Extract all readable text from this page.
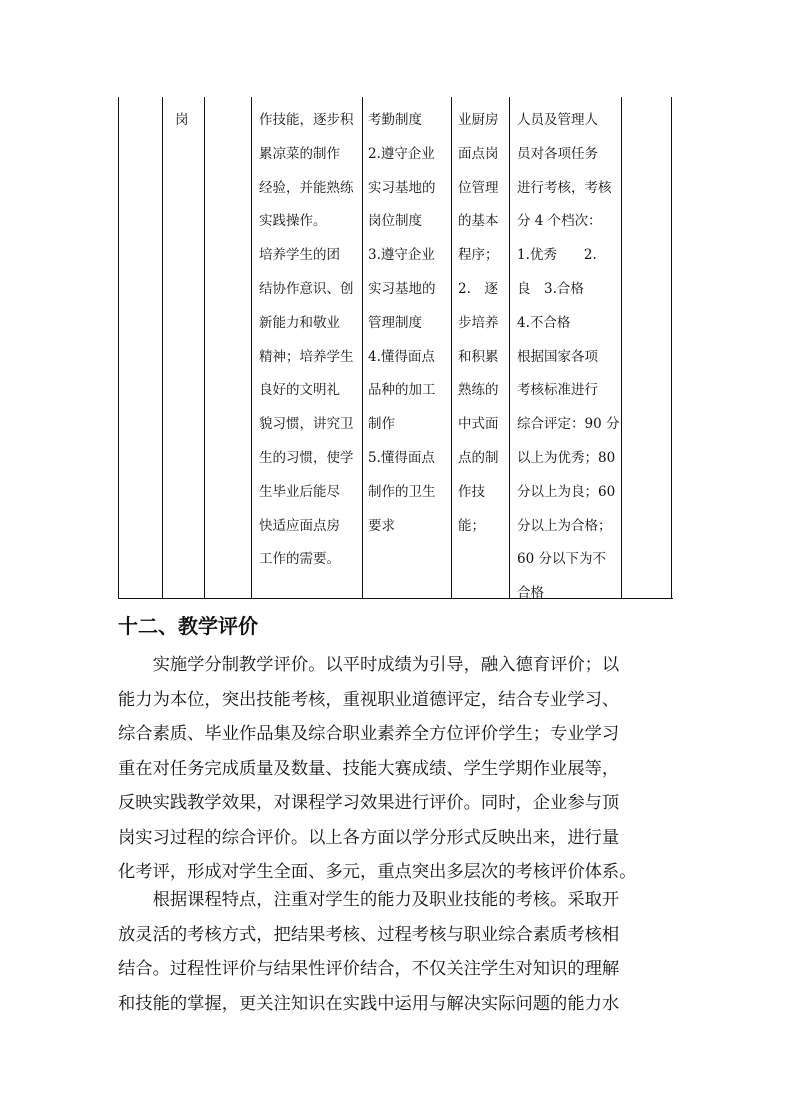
岗	作技能，逐步积
累凉菜的制作
经验，并能熟练
实践操作。
培养学生的团
结协作意识、创
新能力和敬业
精神；培养学生
良好的文明礼
貌习惯，讲究卫
生的习惯，使学
生毕业后能尽
快适应面点房
工作的需要。
考勤制度
2.遵守企业
实习基地的
岗位制度
3.遵守企业
实习基地的
管理制度
4.懂得面点
品种的加工
制作
5.懂得面点
制作的卫生
要求
业厨房
面点岗
位管理
的基本
程序；
2.　逐
步培养
和积累
熟练的
中式面
点的制
作技
能；
人员及管理人
员对各项任务
进行考核，考核
分 4 个档次：
1.优秀　　2.
良　3.合格
4.不合格
根据国家各项
考核标准进行
综合评定：90 分
以上为优秀；80
分以上为良；60
分以上为合格；
60 分以下为不
合格
十二、教学评价
　　实施学分制教学评价。以平时成绩为引导，融入德育评价；以
能力为本位，突出技能考核，重视职业道德评定，结合专业学习、
综合素质、毕业作品集及综合职业素养全方位评价学生；专业学习
重在对任务完成质量及数量、技能大赛成绩、学生学期作业展等，
反映实践教学效果，对课程学习效果进行评价。同时，企业参与顶
岗实习过程的综合评价。以上各方面以学分形式反映出来，进行量
化考评，形成对学生全面、多元，重点突出多层次的考核评价体系。
　　根据课程特点，注重对学生的能力及职业技能的考核。采取开
放灵活的考核方式，把结果考核、过程考核与职业综合素质考核相
结合。过程性评价与结果性评价结合，不仅关注学生对知识的理解
和技能的掌握，更关注知识在实践中运用与解决实际问题的能力水
